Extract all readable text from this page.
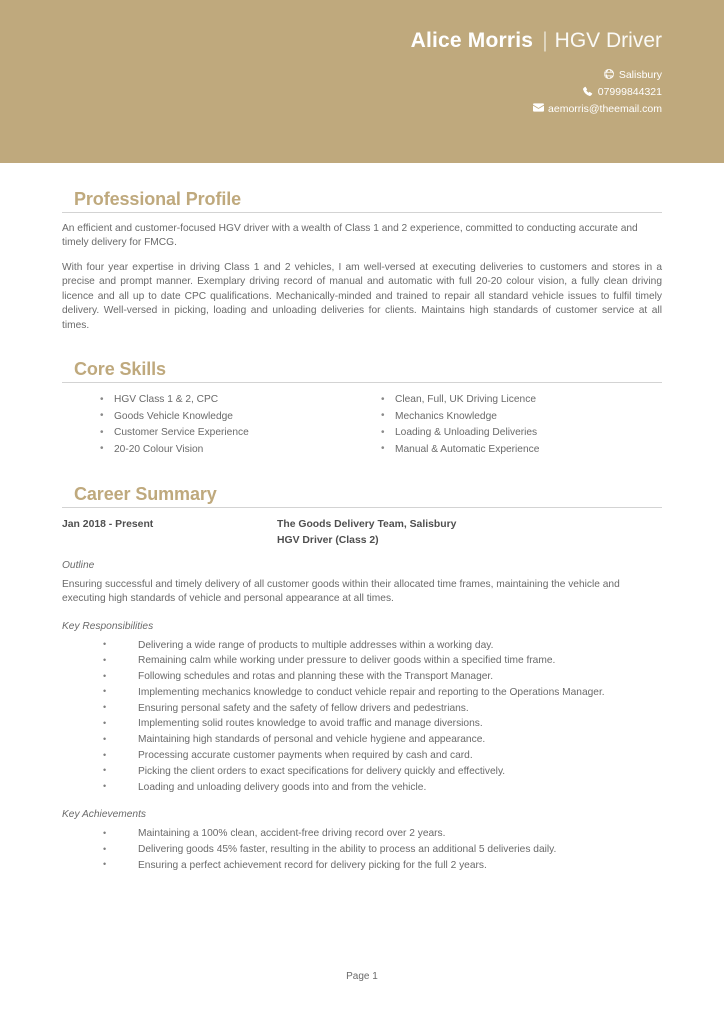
Alice Morris | HGV Driver
Salisbury
07999844321
aemorris@theemail.com
Professional Profile

An efficient and customer-focused HGV driver with a wealth of Class 1 and 2 experience, committed to conducting accurate and timely delivery for FMCG.

With four year expertise in driving Class 1 and 2 vehicles, I am well-versed at executing deliveries to customers and stores in a precise and prompt manner. Exemplary driving record of manual and automatic with full 20-20 colour vision, a fully clean driving licence and all up to date CPC qualifications. Mechanically-minded and trained to repair all standard vehicle issues to fulfil timely delivery. Well-versed in picking, loading and unloading deliveries for clients. Maintains high standards of customer service at all times.

Core Skills
• HGV Class 1 & 2, CPC
• Goods Vehicle Knowledge
• Customer Service Experience
• 20-20 Colour Vision
• Clean, Full, UK Driving Licence
• Mechanics Knowledge
• Loading & Unloading Deliveries
• Manual & Automatic Experience
Career Summary
Jan 2018 - Present	The Goods Delivery Team, Salisbury
HGV Driver (Class 2)
Outline

Ensuring successful and timely delivery of all customer goods within their allocated time frames, maintaining the vehicle and executing high standards of vehicle and personal appearance at all times.

Key Responsibilities
• Delivering a wide range of products to multiple addresses within a working day.
• Remaining calm while working under pressure to deliver goods within a specified time frame.
• Following schedules and rotas and planning these with the Transport Manager.
• Implementing mechanics knowledge to conduct vehicle repair and reporting to the Operations Manager.
• Ensuring personal safety and the safety of fellow drivers and pedestrians.
• Implementing solid routes knowledge to avoid traffic and manage diversions.
• Maintaining high standards of personal and vehicle hygiene and appearance.
• Processing accurate customer payments when required by cash and card.
• Picking the client orders to exact specifications for delivery quickly and effectively.
• Loading and unloading delivery goods into and from the vehicle.
Key Achievements
• Maintaining a 100% clean, accident-free driving record over 2 years.
• Delivering goods 45% faster, resulting in the ability to process an additional 5 deliveries daily.
• Ensuring a perfect achievement record for delivery picking for the full 2 years.
Page 1
